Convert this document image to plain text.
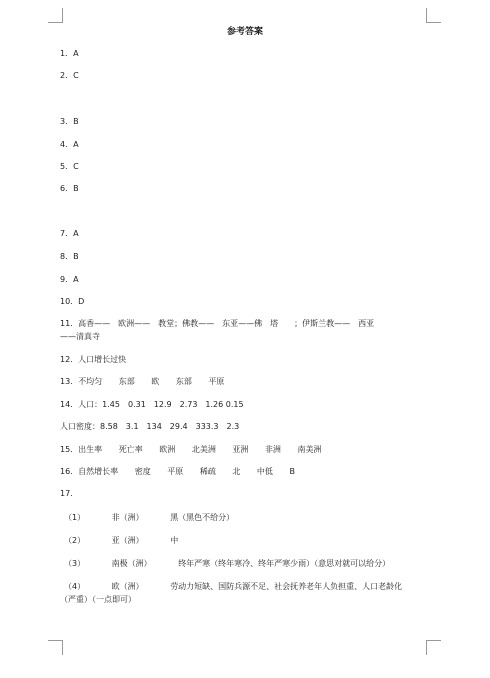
参考答案
1．A
2．C
3．B
4．A
5．C
6．B
7．A
8．B
9．A
10．D
11．高香——　欧洲——　教堂；佛教——　东亚——佛　塔　　；伊斯兰教——　西亚
——清真寺
12．人口增长过快
13．不均匀 东部 欧 东部 平原
14．人口：1.45　0.31　12.9　2.73　1.26 0.15
人口密度：8.58　3.1　134　29.4　333.3　2.3
15．出生率 死亡率 欧洲 北美洲 亚洲 非洲 南美洲
16．自然增长率 密度 平原 稀疏 北 中低 B
17.
（1）	非（洲）	黑（黑色不给分）
（2）	亚（洲）	中
（3）	南极（洲）	终年严寒（终年寒冷、终年严寒少雨）（意思对就可以给分）
（4）	欧（洲）	劳动力短缺、国防兵源不足、社会抚养老年人负担重、人口老龄化
（严重）（一点即可）
